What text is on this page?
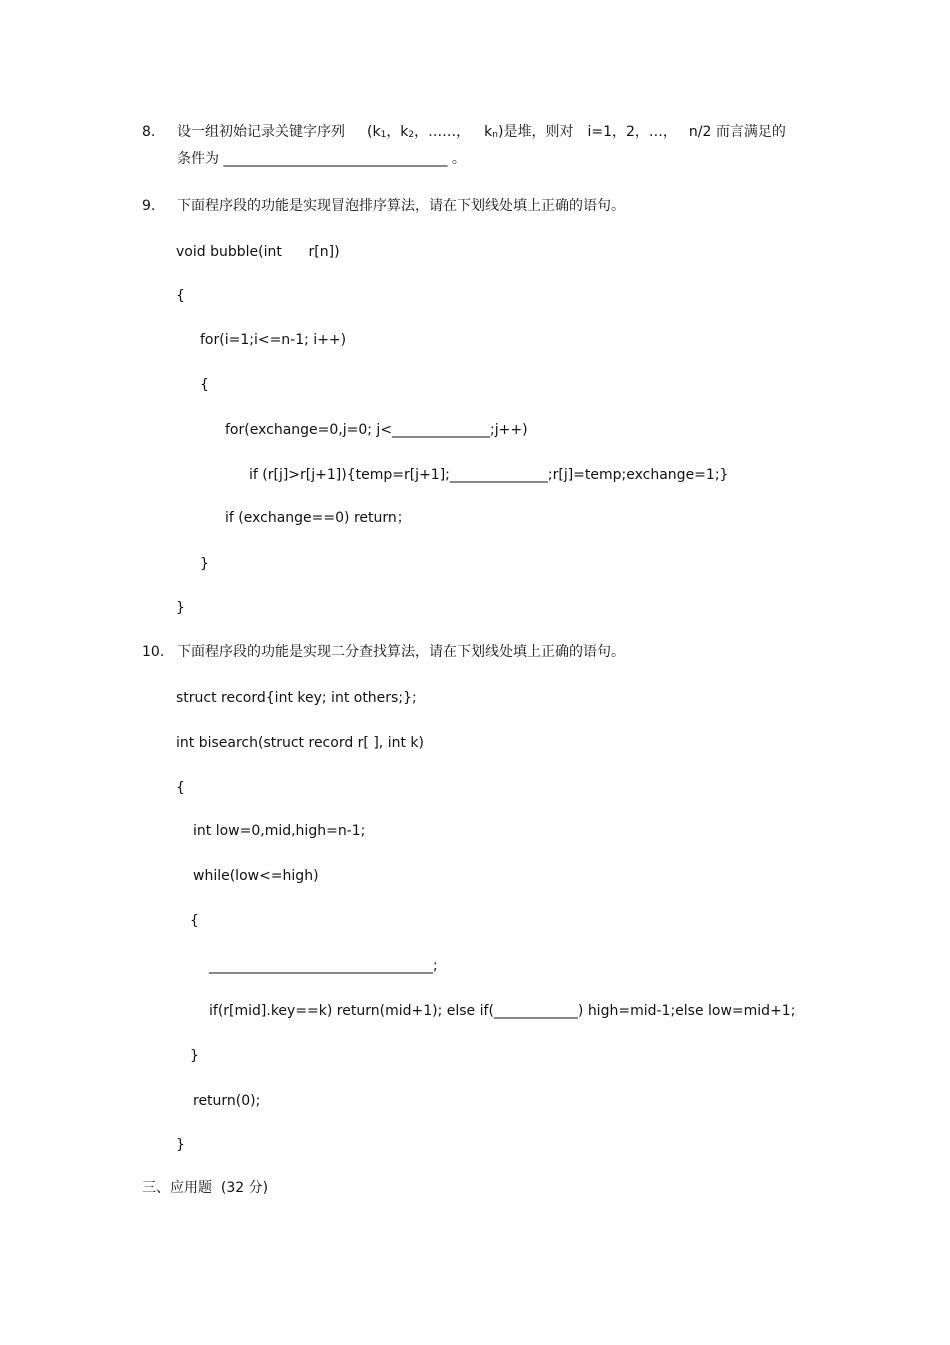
8. 设一组初始记录关键字序列 (k1，k2，……， kn)是堆，则对 i=1，2，…， n/2 而言满足的
条件为 ________________________________ 。
9. 下面程序段的功能是实现冒泡排序算法，请在下划线处填上正确的语句。
void bubble(int      r[n])
{
for(i=1;i<=n-1; i++)
{
for(exchange=0,j=0; j<______________;j++)
if (r[j]>r[j+1]){temp=r[j+1];______________;r[j]=temp;exchange=1;}
if (exchange==0) return；
}
}
10. 下面程序段的功能是实现二分查找算法，请在下划线处填上正确的语句。
struct record{int key; int others;};
int bisearch(struct record r[ ], int k)
{
int low=0,mid,high=n-1;
while(low<=high)
{
________________________________;
if(r[mid].key==k) return(mid+1); else if(____________) high=mid-1;else low=mid+1;
}
return(0);
}
三、应用题  (32 分)
